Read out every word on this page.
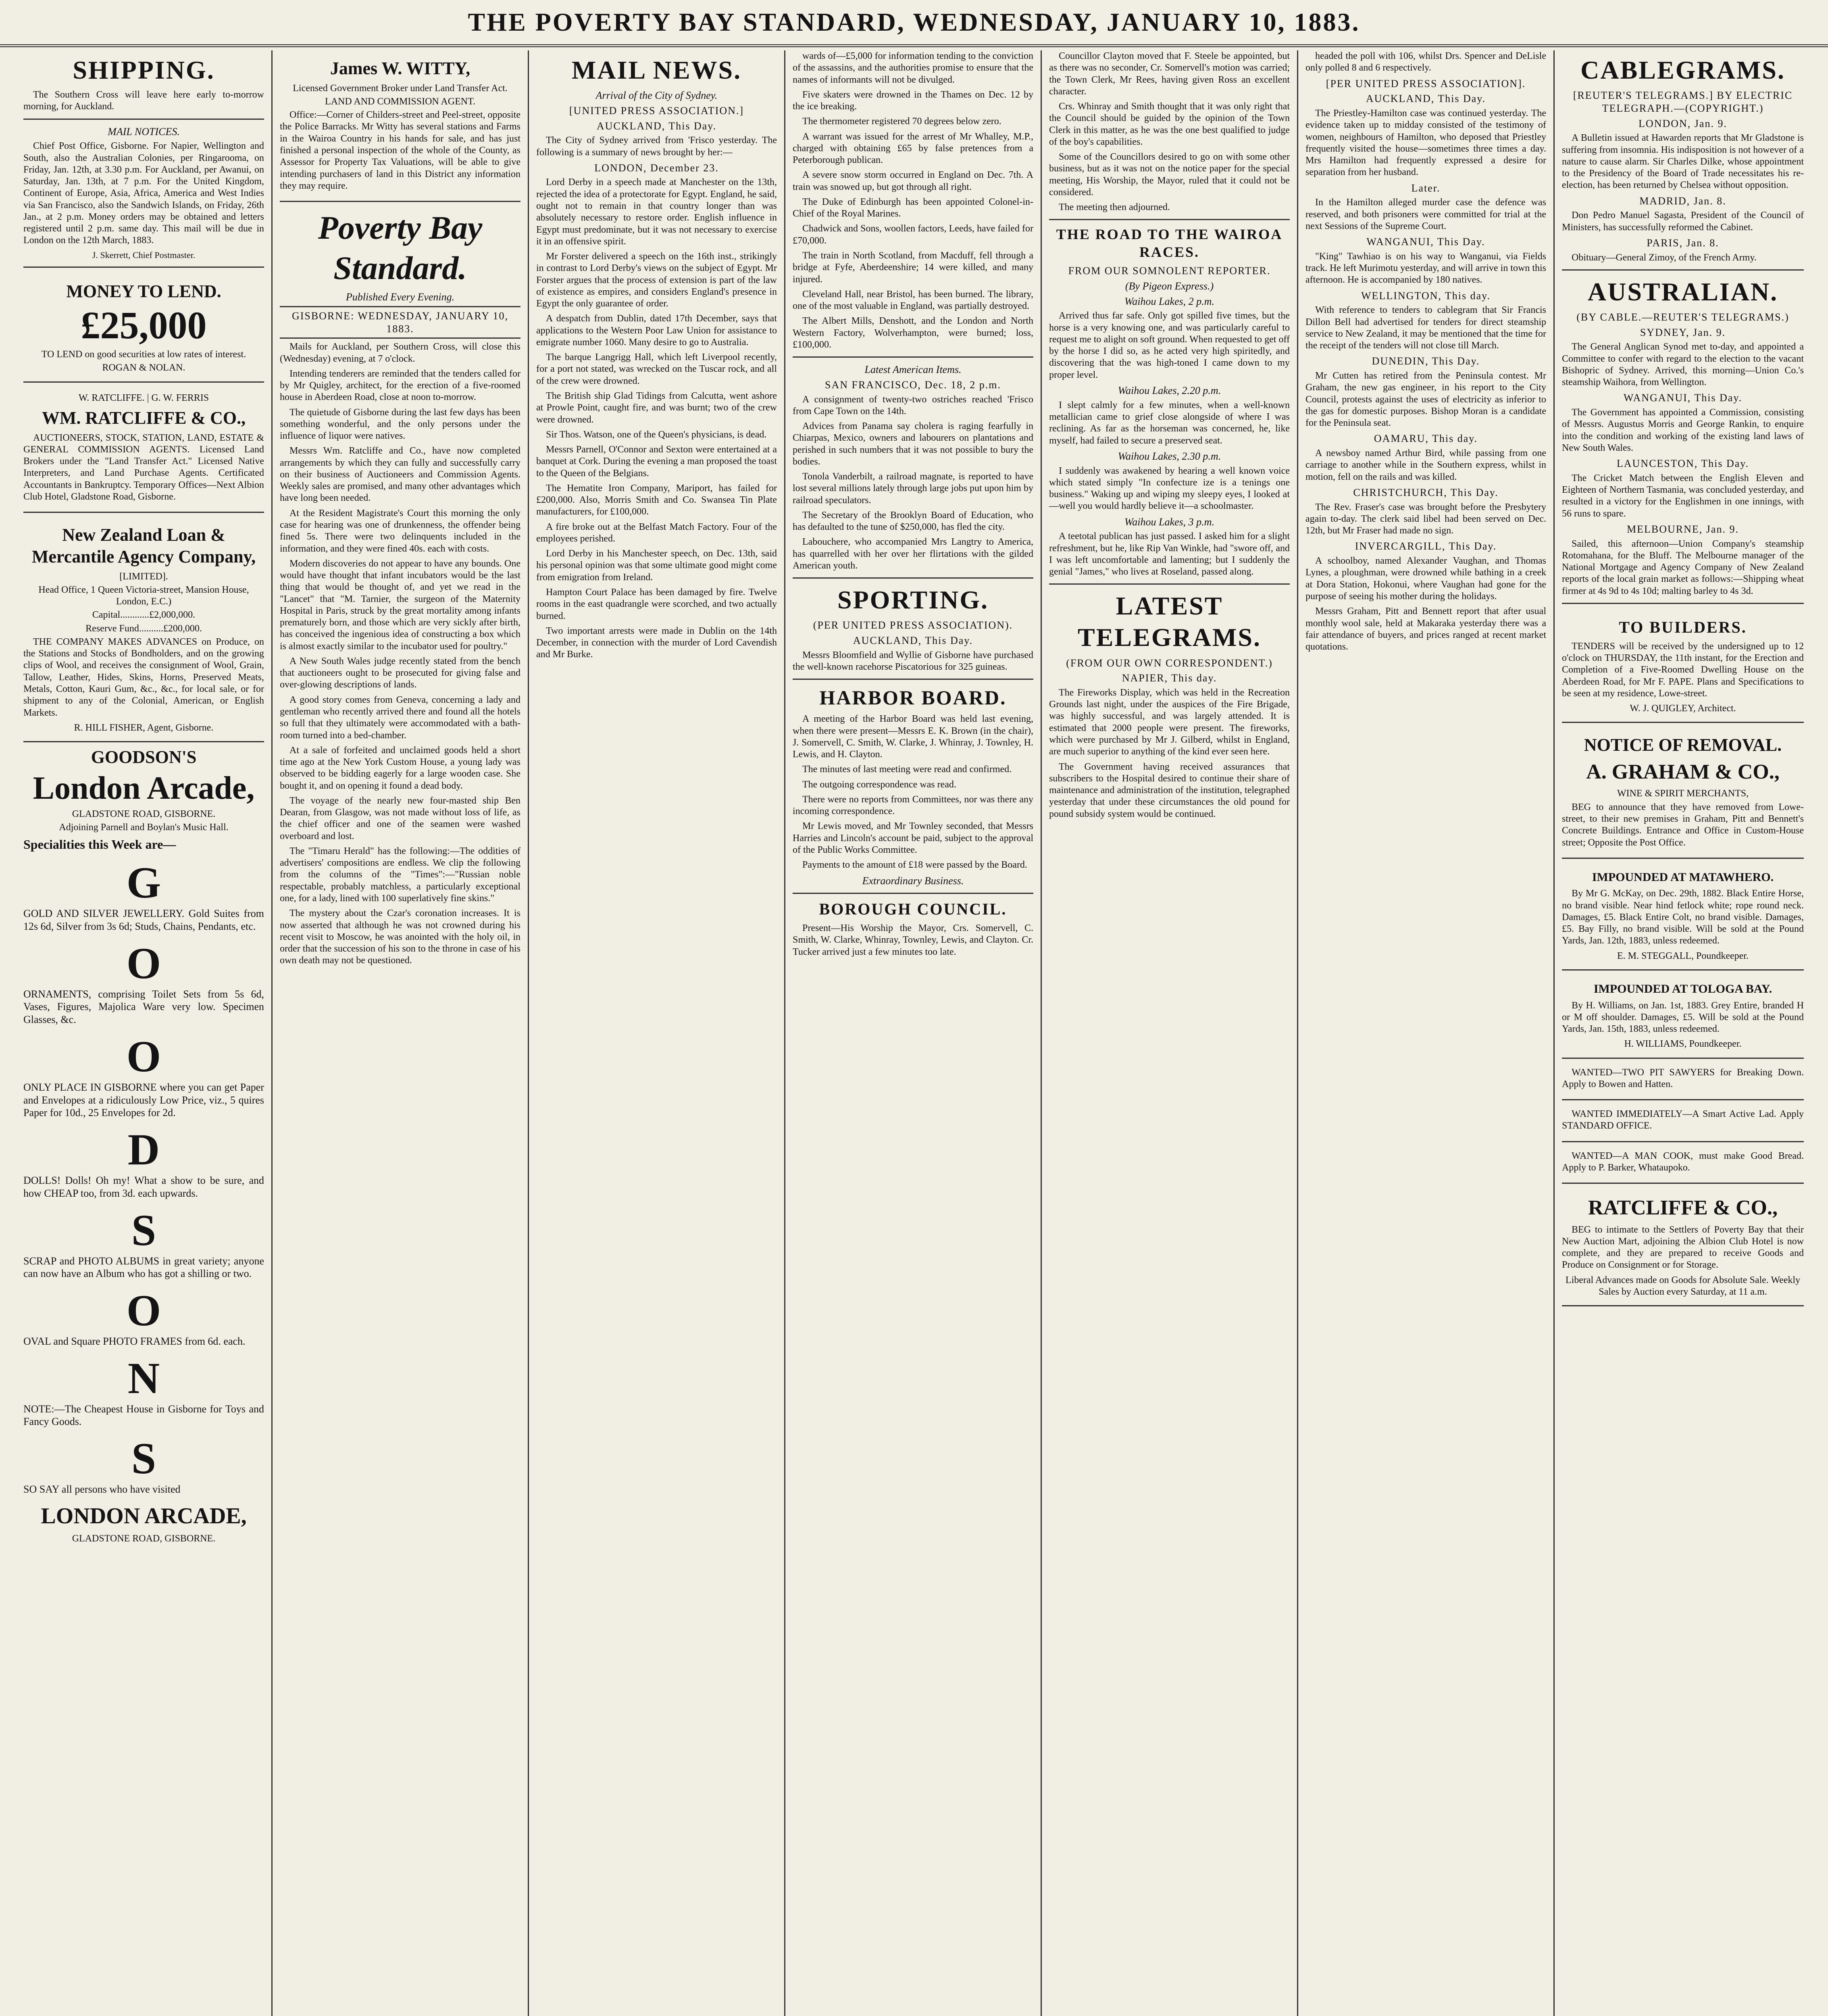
THE POVERTY BAY STANDARD, WEDNESDAY, JANUARY 10, 1883.
SHIPPING.
The Southern Cross will leave here early to-morrow morning, for Auckland.
MAIL NOTICES.
Chief Post Office, Gisborne. For Napier, Wellington and South, also the Australian Colonies, per Ringarooma, on Friday, Jan. 12th, at 3.30 p.m. For Auckland, per Awanui, on Saturday, Jan. 13th, at 7 p.m. For the United Kingdom, Continent of Europe, Asia, Africa, America and West Indies via San Francisco, also the Sandwich Islands, on Friday, 26th Jan., at 2 p.m. Money orders may be obtained and letters registered until 2 p.m. same day. This mail will be due in London on the 12th March, 1883.
J. Skerrett, Chief Postmaster.
MONEY TO LEND.
£25,000
TO LEND on good securities at low rates of interest.
ROGAN & NOLAN.
W. RATCLIFFE. | G. W. FERRIS
WM. RATCLIFFE & CO.,
AUCTIONEERS, STOCK, STATION, LAND, ESTATE & GENERAL COMMISSION AGENTS. Licensed Land Brokers under the "Land Transfer Act." Licensed Native Interpreters, and Land Purchase Agents. Certificated Accountants in Bankruptcy. Temporary Offices—Next Albion Club Hotel, Gladstone Road, Gisborne.
New Zealand Loan & Mercantile Agency Company,
[LIMITED].
Head Office, 1 Queen Victoria-street, Mansion House, London, E.C.)
Capital............£2,000,000.
Reserve Fund..........£200,000.
THE COMPANY MAKES ADVANCES on Produce, on the Stations and Stocks of Bondholders, and on the growing clips of Wool, and receives the consignment of Wool, Grain, Tallow, Leather, Hides, Skins, Horns, Preserved Meats, Metals, Cotton, Kauri Gum, &c., &c., for local sale, or for shipment to any of the Colonial, American, or English Markets.
R. HILL FISHER, Agent, Gisborne.
GOODSON'S
London Arcade,
GLADSTONE ROAD, GISBORNE.
Adjoining Parnell and Boylan's Music Hall.
Specialities this Week are—
G
GOLD AND SILVER JEWELLERY. Gold Suites from 12s 6d, Silver from 3s 6d; Studs, Chains, Pendants, etc.
O
ORNAMENTS, comprising Toilet Sets from 5s 6d, Vases, Figures, Majolica Ware very low. Specimen Glasses, &c.
O
ONLY PLACE IN GISBORNE where you can get Paper and Envelopes at a ridiculously Low Price, viz., 5 quires Paper for 10d., 25 Envelopes for 2d.
D
DOLLS! Dolls! Oh my! What a show to be sure, and how CHEAP too, from 3d. each upwards.
S
SCRAP and PHOTO ALBUMS in great variety; anyone can now have an Album who has got a shilling or two.
O
OVAL and Square PHOTO FRAMES from 6d. each.
N
NOTE:—The Cheapest House in Gisborne for Toys and Fancy Goods.
S
SO SAY all persons who have visited
LONDON ARCADE,
GLADSTONE ROAD, GISBORNE.
James W. WITTY,
Licensed Government Broker under Land Transfer Act.
LAND AND COMMISSION AGENT.
Office:—Corner of Childers-street and Peel-street, opposite the Police Barracks. Mr Witty has several stations and Farms in the Wairoa Country in his hands for sale, and has just finished a personal inspection of the whole of the County, as Assessor for Property Tax Valuations, will be able to give intending purchasers of land in this District any information they may require.
Poverty Bay Standard.
Published Every Evening.
GISBORNE: WEDNESDAY, JANUARY 10, 1883.
Mails for Auckland, per Southern Cross, will close this (Wednesday) evening, at 7 o'clock.
Intending tenderers are reminded that the tenders called for by Mr Quigley, architect, for the erection of a five-roomed house in Aberdeen Road, close at noon to-morrow.
The quietude of Gisborne during the last few days has been something wonderful, and the only persons under the influence of liquor were natives.
Messrs Wm. Ratcliffe and Co., have now completed arrangements by which they can fully and successfully carry on their business of Auctioneers and Commission Agents. Weekly sales are promised, and many other advantages which have long been needed.
At the Resident Magistrate's Court this morning the only case for hearing was one of drunkenness, the offender being fined 5s. There were two delinquents included in the information, and they were fined 40s. each with costs.
Modern discoveries do not appear to have any bounds. One would have thought that infant incubators would be the last thing that would be thought of, and yet we read in the "Lancet" that "M. Tarnier, the surgeon of the Maternity Hospital in Paris, struck by the great mortality among infants prematurely born, and those which are very sickly after birth, has conceived the ingenious idea of constructing a box which is almost exactly similar to the incubator used for poultry."
A New South Wales judge recently stated from the bench that auctioneers ought to be prosecuted for giving false and over-glowing descriptions of lands.
A good story comes from Geneva, concerning a lady and gentleman who recently arrived there and found all the hotels so full that they ultimately were accommodated with a bath-room turned into a bed-chamber.
At a sale of forfeited and unclaimed goods held a short time ago at the New York Custom House, a young lady was observed to be bidding eagerly for a large wooden case. She bought it, and on opening it found a dead body.
The voyage of the nearly new four-masted ship Ben Dearan, from Glasgow, was not made without loss of life, as the chief officer and one of the seamen were washed overboard and lost.
The "Timaru Herald" has the following:—The oddities of advertisers' compositions are endless. We clip the following from the columns of the "Times":—"Russian noble respectable, probably matchless, a particularly exceptional one, for a lady, lined with 100 superlatively fine skins."
The mystery about the Czar's coronation increases. It is now asserted that although he was not crowned during his recent visit to Moscow, he was anointed with the holy oil, in order that the succession of his son to the throne in case of his own death may not be questioned.
MAIL NEWS.
Arrival of the City of Sydney.
[UNITED PRESS ASSOCIATION.]
AUCKLAND, This Day.
The City of Sydney arrived from 'Frisco yesterday. The following is a summary of news brought by her:—
LONDON, December 23.
Lord Derby in a speech made at Manchester on the 13th, rejected the idea of a protectorate for Egypt. England, he said, ought not to remain in that country longer than was absolutely necessary to restore order. English influence in Egypt must predominate, but it was not necessary to exercise it in an offensive spirit.
Mr Forster delivered a speech on the 16th inst., strikingly in contrast to Lord Derby's views on the subject of Egypt. Mr Forster argues that the process of extension is part of the law of existence as empires, and considers England's presence in Egypt the only guarantee of order.
A despatch from Dublin, dated 17th December, says that applications to the Western Poor Law Union for assistance to emigrate number 1060. Many desire to go to Australia.
The barque Langrigg Hall, which left Liverpool recently, for a port not stated, was wrecked on the Tuscar rock, and all of the crew were drowned.
The British ship Glad Tidings from Calcutta, went ashore at Prowle Point, caught fire, and was burnt; two of the crew were drowned.
Sir Thos. Watson, one of the Queen's physicians, is dead.
Messrs Parnell, O'Connor and Sexton were entertained at a banquet at Cork. During the evening a man proposed the toast to the Queen of the Belgians.
The Hematite Iron Company, Mariport, has failed for £200,000. Also, Morris Smith and Co. Swansea Tin Plate manufacturers, for £100,000.
A fire broke out at the Belfast Match Factory. Four of the employees perished.
Lord Derby in his Manchester speech, on Dec. 13th, said his personal opinion was that some ultimate good might come from emigration from Ireland.
Hampton Court Palace has been damaged by fire. Twelve rooms in the east quadrangle were scorched, and two actually burned.
Two important arrests were made in Dublin on the 14th December, in connection with the murder of Lord Cavendish and Mr Burke.
wards of—£5,000 for information tending to the conviction of the assassins, and the authorities promise to ensure that the names of informants will not be divulged.
Five skaters were drowned in the Thames on Dec. 12 by the ice breaking.
The thermometer registered 70 degrees below zero.
A warrant was issued for the arrest of Mr Whalley, M.P., charged with obtaining £65 by false pretences from a Peterborough publican.
A severe snow storm occurred in England on Dec. 7th. A train was snowed up, but got through all right.
The Duke of Edinburgh has been appointed Colonel-in-Chief of the Royal Marines.
Chadwick and Sons, woollen factors, Leeds, have failed for £70,000.
The train in North Scotland, from Macduff, fell through a bridge at Fyfe, Aberdeenshire; 14 were killed, and many injured.
Cleveland Hall, near Bristol, has been burned. The library, one of the most valuable in England, was partially destroyed.
The Albert Mills, Denshott, and the London and North Western Factory, Wolverhampton, were burned; loss, £100,000.
Latest American Items.
SAN FRANCISCO, Dec. 18, 2 p.m.
A consignment of twenty-two ostriches reached 'Frisco from Cape Town on the 14th.
Advices from Panama say cholera is raging fearfully in Chiarpas, Mexico, owners and labourers on plantations and perished in such numbers that it was not possible to bury the bodies.
Tonola Vanderbilt, a railroad magnate, is reported to have lost several millions lately through large jobs put upon him by railroad speculators.
The Secretary of the Brooklyn Board of Education, who has defaulted to the tune of $250,000, has fled the city.
Labouchere, who accompanied Mrs Langtry to America, has quarrelled with her over her flirtations with the gilded American youth.
SPORTING.
(PER UNITED PRESS ASSOCIATION).
AUCKLAND, This Day.
Messrs Bloomfield and Wyllie of Gisborne have purchased the well-known racehorse Piscatorious for 325 guineas.
HARBOR BOARD.
A meeting of the Harbor Board was held last evening, when there were present—Messrs E. K. Brown (in the chair), J. Somervell, C. Smith, W. Clarke, J. Whinray, J. Townley, H. Lewis, and H. Clayton.
The minutes of last meeting were read and confirmed.
The outgoing correspondence was read.
There were no reports from Committees, nor was there any incoming correspondence.
Mr Lewis moved, and Mr Townley seconded, that Messrs Harries and Lincoln's account be paid, subject to the approval of the Public Works Committee.
Payments to the amount of £18 were passed by the Board.
Extraordinary Business.
BOROUGH COUNCIL.
Present—His Worship the Mayor, Crs. Somervell, C. Smith, W. Clarke, Whinray, Townley, Lewis, and Clayton. Cr. Tucker arrived just a few minutes too late.
Councillor Clayton moved that F. Steele be appointed, but as there was no seconder, Cr. Somervell's motion was carried; the Town Clerk, Mr Rees, having given Ross an excellent character.
Crs. Whinray and Smith thought that it was only right that the Council should be guided by the opinion of the Town Clerk in this matter, as he was the one best qualified to judge of the boy's capabilities.
Some of the Councillors desired to go on with some other business, but as it was not on the notice paper for the special meeting, His Worship, the Mayor, ruled that it could not be considered.
The meeting then adjourned.
THE ROAD TO THE WAIROA RACES.
FROM OUR SOMNOLENT REPORTER.
(By Pigeon Express.)
Waihou Lakes, 2 p.m.
Arrived thus far safe. Only got spilled five times, but the horse is a very knowing one, and was particularly careful to request me to alight on soft ground. When requested to get off by the horse I did so, as he acted very high spiritedly, and discovering that the was high-toned I came down to my proper level.
Waihou Lakes, 2.20 p.m.
I slept calmly for a few minutes, when a well-known metallician came to grief close alongside of where I was reclining. As far as the horseman was concerned, he, like myself, had failed to secure a preserved seat.
Waihou Lakes, 2.30 p.m.
I suddenly was awakened by hearing a well known voice which stated simply "In confecture ize is a tenings one business." Waking up and wiping my sleepy eyes, I looked at—well you would hardly believe it—a schoolmaster.
Waihou Lakes, 3 p.m.
A teetotal publican has just passed. I asked him for a slight refreshment, but he, like Rip Van Winkle, had "swore off, and I was left uncomfortable and lamenting; but I suddenly the genial "James," who lives at Roseland, passed along.
LATEST TELEGRAMS.
(FROM OUR OWN CORRESPONDENT.)
NAPIER, This day.
The Fireworks Display, which was held in the Recreation Grounds last night, under the auspices of the Fire Brigade, was highly successful, and was largely attended. It is estimated that 2000 people were present. The fireworks, which were purchased by Mr J. Gilberd, whilst in England, are much superior to anything of the kind ever seen here.
The Government having received assurances that subscribers to the Hospital desired to continue their share of maintenance and administration of the institution, telegraphed yesterday that under these circumstances the old pound for pound subsidy system would be continued.
headed the poll with 106, whilst Drs. Spencer and DeLisle only polled 8 and 6 respectively.
[PER UNITED PRESS ASSOCIATION].
AUCKLAND, This Day.
The Priestley-Hamilton case was continued yesterday. The evidence taken up to midday consisted of the testimony of women, neighbours of Hamilton, who deposed that Priestley frequently visited the house—sometimes three times a day. Mrs Hamilton had frequently expressed a desire for separation from her husband.
Later.
In the Hamilton alleged murder case the defence was reserved, and both prisoners were committed for trial at the next Sessions of the Supreme Court.
WANGANUI, This Day.
"King" Tawhiao is on his way to Wanganui, via Fields track. He left Murimotu yesterday, and will arrive in town this afternoon. He is accompanied by 180 natives.
WELLINGTON, This day.
With reference to tenders to cablegram that Sir Francis Dillon Bell had advertised for tenders for direct steamship service to New Zealand, it may be mentioned that the time for the receipt of the tenders will not close till March.
DUNEDIN, This Day.
Mr Cutten has retired from the Peninsula contest. Mr Graham, the new gas engineer, in his report to the City Council, protests against the uses of electricity as inferior to the gas for domestic purposes. Bishop Moran is a candidate for the Peninsula seat.
OAMARU, This day.
A newsboy named Arthur Bird, while passing from one carriage to another while in the Southern express, whilst in motion, fell on the rails and was killed.
CHRISTCHURCH, This Day.
The Rev. Fraser's case was brought before the Presbytery again to-day. The clerk said libel had been served on Dec. 12th, but Mr Fraser had made no sign.
INVERCARGILL, This Day.
A schoolboy, named Alexander Vaughan, and Thomas Lynes, a ploughman, were drowned while bathing in a creek at Dora Station, Hokonui, where Vaughan had gone for the purpose of seeing his mother during the holidays.
Messrs Graham, Pitt and Bennett report that after usual monthly wool sale, held at Makaraka yesterday there was a fair attendance of buyers, and prices ranged at recent market quotations.
CABLEGRAMS.
[REUTER'S TELEGRAMS.] BY ELECTRIC TELEGRAPH.—(COPYRIGHT.)
LONDON, Jan. 9.
A Bulletin issued at Hawarden reports that Mr Gladstone is suffering from insomnia. His indisposition is not however of a nature to cause alarm. Sir Charles Dilke, whose appointment to the Presidency of the Board of Trade necessitates his re-election, has been returned by Chelsea without opposition.
MADRID, Jan. 8.
Don Pedro Manuel Sagasta, President of the Council of Ministers, has successfully reformed the Cabinet.
PARIS, Jan. 8.
Obituary—General Zimoy, of the French Army.
AUSTRALIAN.
(BY CABLE.—REUTER'S TELEGRAMS.)
SYDNEY, Jan. 9.
The General Anglican Synod met to-day, and appointed a Committee to confer with regard to the election to the vacant Bishopric of Sydney. Arrived, this morning—Union Co.'s steamship Waihora, from Wellington.
WANGANUI, This Day.
The Government has appointed a Commission, consisting of Messrs. Augustus Morris and George Rankin, to enquire into the condition and working of the existing land laws of New South Wales.
LAUNCESTON, This Day.
The Cricket Match between the English Eleven and Eighteen of Northern Tasmania, was concluded yesterday, and resulted in a victory for the Englishmen in one innings, with 56 runs to spare.
MELBOURNE, Jan. 9.
Sailed, this afternoon—Union Company's steamship Rotomahana, for the Bluff. The Melbourne manager of the National Mortgage and Agency Company of New Zealand reports of the local grain market as follows:—Shipping wheat firmer at 4s 9d to 4s 10d; malting barley to 4s 3d.
TO BUILDERS.
TENDERS will be received by the undersigned up to 12 o'clock on THURSDAY, the 11th instant, for the Erection and Completion of a Five-Roomed Dwelling House on the Aberdeen Road, for Mr F. PAPE. Plans and Specifications to be seen at my residence, Lowe-street.
W. J. QUIGLEY, Architect.
NOTICE OF REMOVAL.
A. GRAHAM & CO.,
WINE & SPIRIT MERCHANTS,
BEG to announce that they have removed from Lowe-street, to their new premises in Graham, Pitt and Bennett's Concrete Buildings. Entrance and Office in Custom-House street; Opposite the Post Office.
IMPOUNDED AT MATAWHERO.
By Mr G. McKay, on Dec. 29th, 1882. Black Entire Horse, no brand visible. Near hind fetlock white; rope round neck. Damages, £5. Black Entire Colt, no brand visible. Damages, £5. Bay Filly, no brand visible. Will be sold at the Pound Yards, Jan. 12th, 1883, unless redeemed.
E. M. STEGGALL, Poundkeeper.
IMPOUNDED AT TOLOGA BAY.
By H. Williams, on Jan. 1st, 1883. Grey Entire, branded H or M off shoulder. Damages, £5. Will be sold at the Pound Yards, Jan. 15th, 1883, unless redeemed.
H. WILLIAMS, Poundkeeper.
WANTED—TWO PIT SAWYERS for Breaking Down. Apply to Bowen and Hatten.
WANTED IMMEDIATELY—A Smart Active Lad. Apply STANDARD OFFICE.
WANTED—A MAN COOK, must make Good Bread. Apply to P. Barker, Whataupoko.
RATCLIFFE & CO.,
BEG to intimate to the Settlers of Poverty Bay that their New Auction Mart, adjoining the Albion Club Hotel is now complete, and they are prepared to receive Goods and Produce on Consignment or for Storage.
Liberal Advances made on Goods for Absolute Sale. Weekly Sales by Auction every Saturday, at 11 a.m.
